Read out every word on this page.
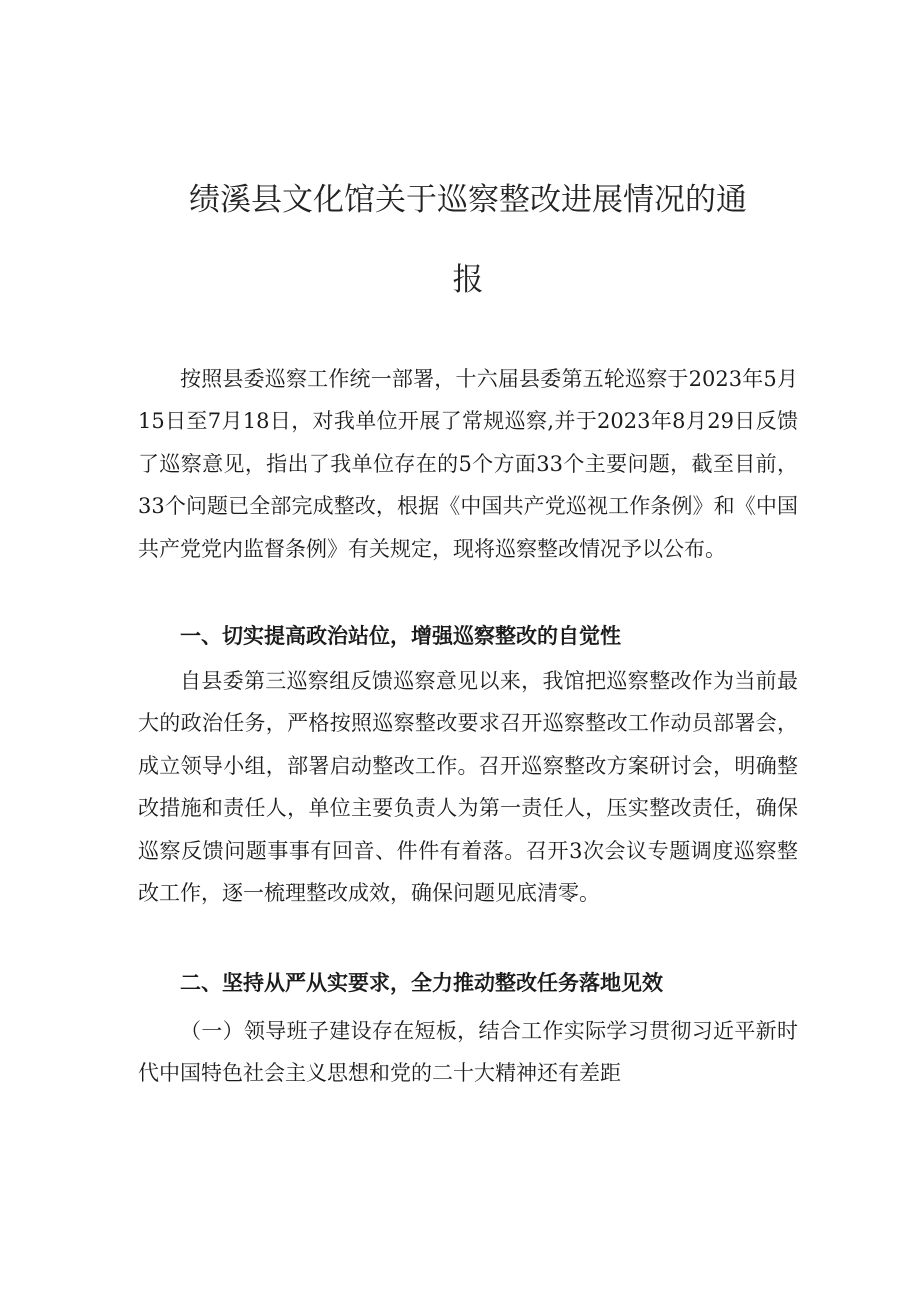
绩溪县文化馆关于巡察整改进展情况的通
报

按照县委巡察工作统一部署，十六届县委第五轮巡察于2023年5月15日至7月18日，对我单位开展了常规巡察,并于2023年8月29日反馈了巡察意见，指出了我单位存在的5个方面33个主要问题，截至目前，33个问题已全部完成整改，根据《中国共产党巡视工作条例》和《中国共产党党内监督条例》有关规定，现将巡察整改情况予以公布。

一、切实提高政治站位，增强巡察整改的自觉性

自县委第三巡察组反馈巡察意见以来，我馆把巡察整改作为当前最大的政治任务，严格按照巡察整改要求召开巡察整改工作动员部署会，成立领导小组，部署启动整改工作。召开巡察整改方案研讨会，明确整改措施和责任人，单位主要负责人为第一责任人，压实整改责任，确保巡察反馈问题事事有回音、件件有着落。召开3次会议专题调度巡察整改工作，逐一梳理整改成效，确保问题见底清零。

二、坚持从严从实要求，全力推动整改任务落地见效

（一）领导班子建设存在短板，结合工作实际学习贯彻习近平新时代中国特色社会主义思想和党的二十大精神还有差距
